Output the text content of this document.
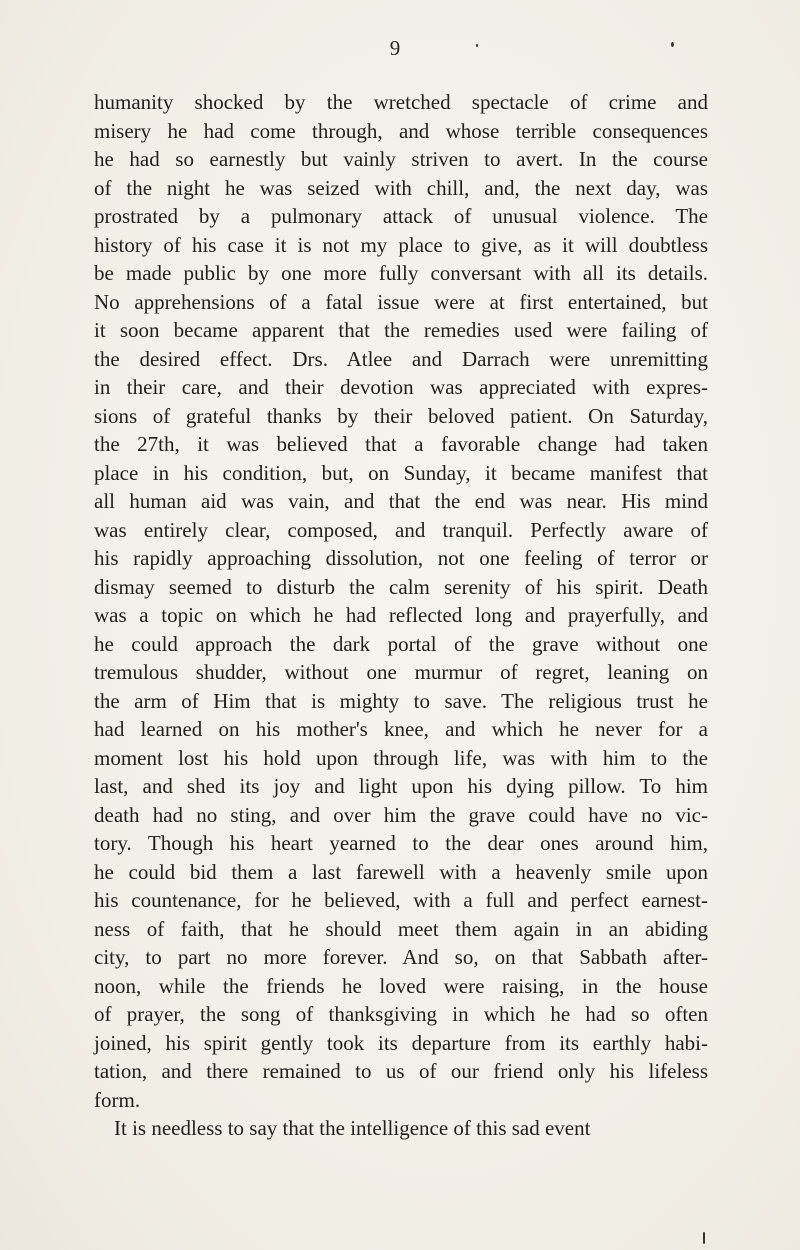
9
humanity shocked by the wretched spectacle of crime and
misery he had come through, and whose terrible consequences
he had so earnestly but vainly striven to avert. In the course
of the night he was seized with chill, and, the next day, was
prostrated by a pulmonary attack of unusual violence. The
history of his case it is not my place to give, as it will doubtless
be made public by one more fully conversant with all its details.
No apprehensions of a fatal issue were at first entertained, but
it soon became apparent that the remedies used were failing of
the desired effect. Drs. Atlee and Darrach were unremitting
in their care, and their devotion was appreciated with expres-
sions of grateful thanks by their beloved patient. On Saturday,
the 27th, it was believed that a favorable change had taken
place in his condition, but, on Sunday, it became manifest that
all human aid was vain, and that the end was near. His mind
was entirely clear, composed, and tranquil. Perfectly aware of
his rapidly approaching dissolution, not one feeling of terror or
dismay seemed to disturb the calm serenity of his spirit. Death
was a topic on which he had reflected long and prayerfully, and
he could approach the dark portal of the grave without one
tremulous shudder, without one murmur of regret, leaning on
the arm of Him that is mighty to save. The religious trust he
had learned on his mother's knee, and which he never for a
moment lost his hold upon through life, was with him to the
last, and shed its joy and light upon his dying pillow. To him
death had no sting, and over him the grave could have no vic-
tory. Though his heart yearned to the dear ones around him,
he could bid them a last farewell with a heavenly smile upon
his countenance, for he believed, with a full and perfect earnest-
ness of faith, that he should meet them again in an abiding
city, to part no more forever. And so, on that Sabbath after-
noon, while the friends he loved were raising, in the house
of prayer, the song of thanksgiving in which he had so often
joined, his spirit gently took its departure from its earthly habi-
tation, and there remained to us of our friend only his lifeless
form.
It is needless to say that the intelligence of this sad event
